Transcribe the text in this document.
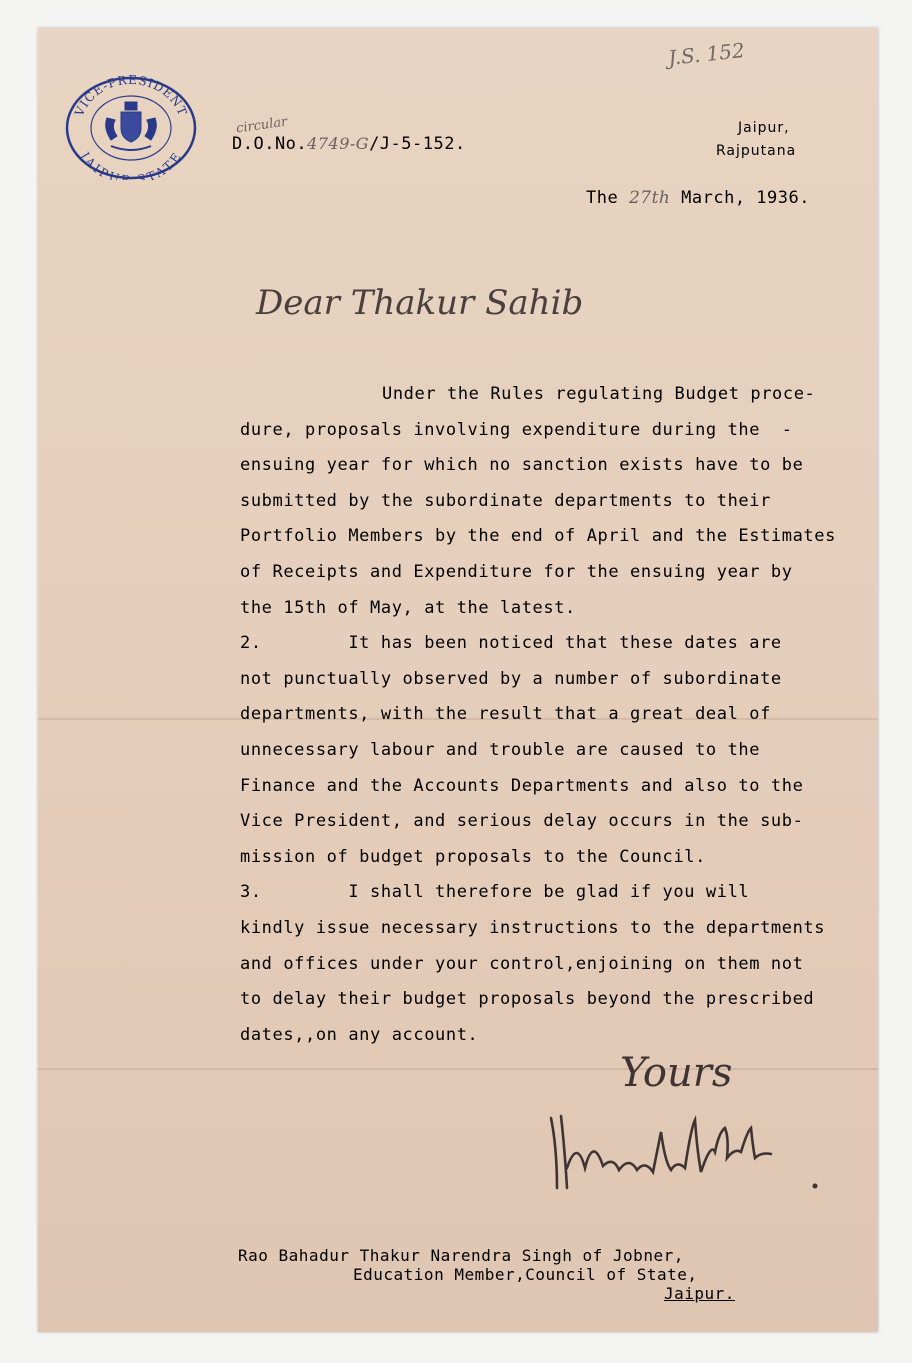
VICE-PRESIDENT
JAIPUR STATE
J.S. 152
circular
D.O.No.4749-G/J-5-152.
Jaipur,
Rajputana
The 27th March, 1936.
Dear Thakur Sahib
Under the Rules regulating Budget proce-
dure, proposals involving expenditure during the  -
ensuing year for which no sanction exists have to be
submitted by the subordinate departments to their
Portfolio Members by the end of April and the Estimates
of Receipts and Expenditure for the ensuing year by
the 15th of May, at the latest.
2.        It has been noticed that these dates are
not punctually observed by a number of subordinate
departments, with the result that a great deal of
unnecessary labour and trouble are caused to the
Finance and the Accounts Departments and also to the
Vice President, and serious delay occurs in the sub-
mission of budget proposals to the Council.
3.        I shall therefore be glad if you will
kindly issue necessary instructions to the departments
and offices under your control,enjoining on them not
to delay their budget proposals beyond the prescribed
dates,,on any account.
Yours
Rao Bahadur Thakur Narendra Singh of Jobner,
Education Member,Council of State,
Jaipur.
